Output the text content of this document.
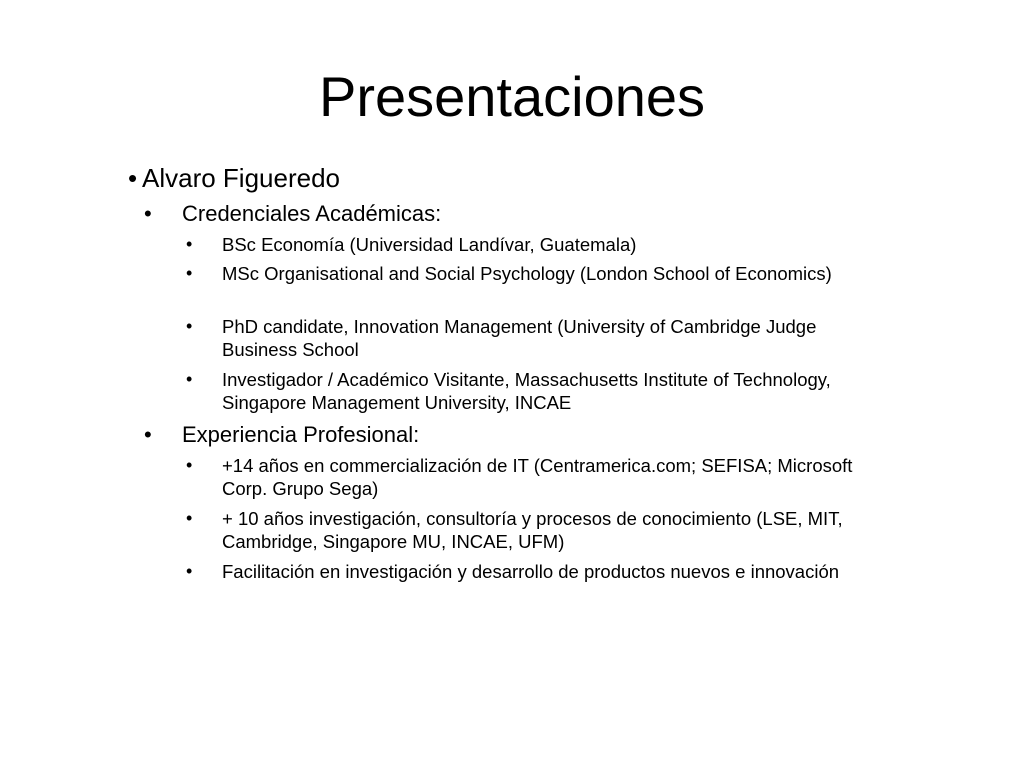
Presentaciones
• Alvaro Figueredo
• Credenciales Académicas:
• BSc Economía (Universidad Landívar, Guatemala)
• MSc Organisational and Social Psychology (London School of Economics)
• PhD candidate, Innovation Management (University of Cambridge Judge Business School
• Investigador / Académico Visitante, Massachusetts Institute of Technology, Singapore Management University, INCAE
• Experiencia Profesional:
• +14 años en commercialización de IT (Centramerica.com; SEFISA; Microsoft Corp. Grupo Sega)
• + 10 años investigación, consultoría y procesos de conocimiento (LSE, MIT, Cambridge, Singapore MU, INCAE, UFM)
• Facilitación en investigación y desarrollo de productos nuevos e innovación
